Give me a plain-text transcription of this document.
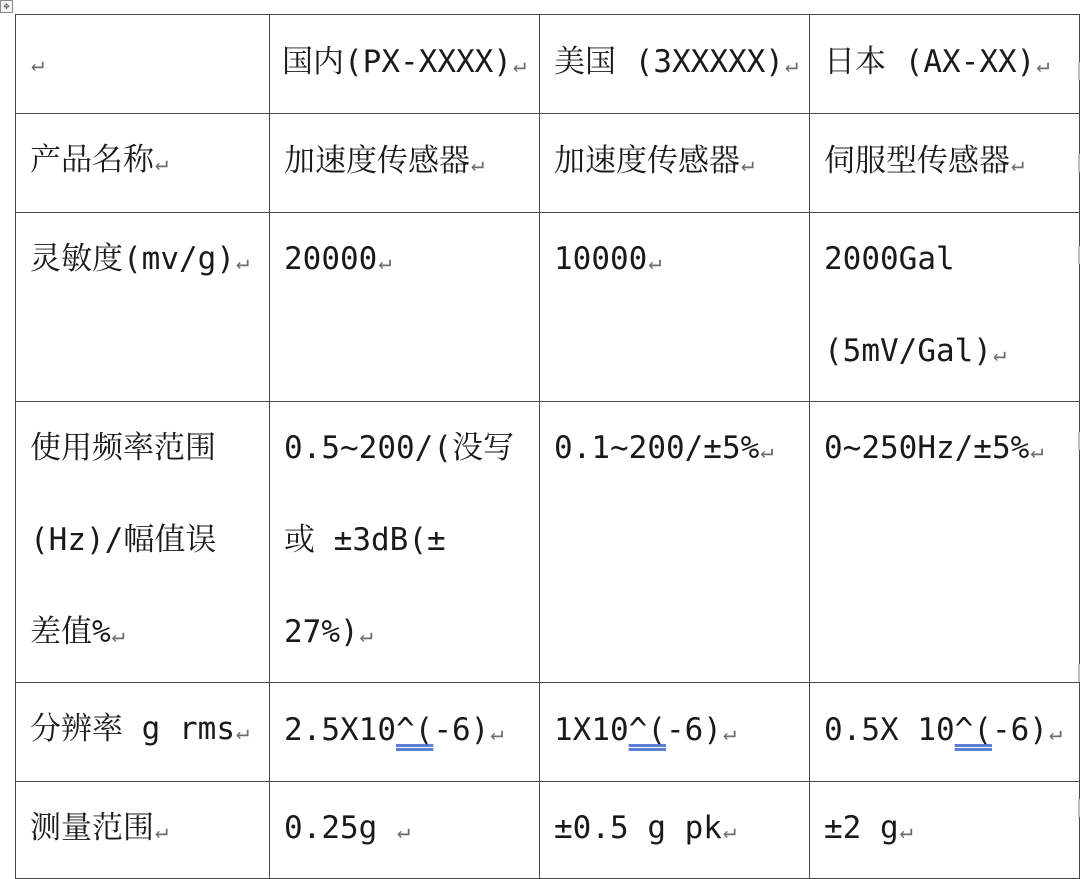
✥
↵	国内(PX-XXXX)↵	美国 (3XXXXX)↵	日本 (AX-XX)↵
产品名称↵	加速度传感器↵	加速度传感器↵	伺服型传感器↵
灵敏度(mv/g)↵	20000↵	10000↵	2000Gal
(5mV/Gal)↵
使用频率范围
(Hz)/幅值误
差值%↵	0.5~200/(没写
或 ±3dB(±
27%)↵	0.1~200/±5%↵	0~250Hz/±5%↵
分辨率 g rms↵	2.5X10^(-6)↵	1X10^(-6)↵	0.5X 10^(-6)↵
测量范围↵	0.25g ↵	±0.5 g pk↵	±2 g↵
